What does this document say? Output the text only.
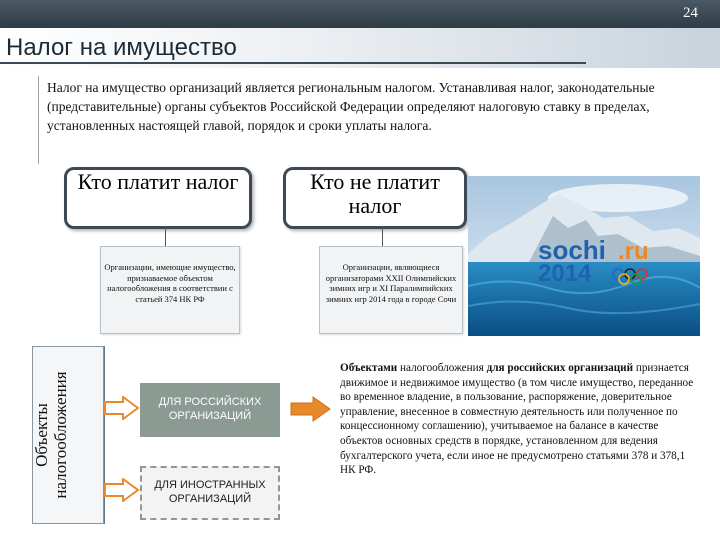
24
Налог на имущество
Налог на имущество организаций является региональным налогом. Устанавливая налог, законодательные (представительные) органы субъектов Российской Федерации определяют налоговую ставку в пределах, установленных настоящей главой, порядок и сроки уплаты налога.
Кто платит налог
Организации, имеющие имущество, признаваемое объектом налогообложения в соответствии с статьей 374 НК РФ
Кто не платит налог
Организации, являющиеся организаторами XXII Олимпийских зимних игр и XI Паралимпийских зимних игр 2014 года в городе Сочи
sochi .ru
2014
Объекты налогообложения	ДЛЯ РОССИЙСКИХ ОРГАНИЗАЦИЙ
ДЛЯ ИНОСТРАННЫХ ОРГАНИЗАЦИЙ
Объектами налогообложения для российских организаций признается движимое и недвижимое имущество (в том числе имущество, переданное во временное владение, в пользование, распоряжение, доверительное управление, внесенное в совместную деятельность или полученное по концессионному соглашению), учитываемое на балансе в качестве объектов основных средств в порядке, установленном для ведения бухгалтерского учета, если иное не предусмотрено статьями 378 и 378,1 НК РФ.
